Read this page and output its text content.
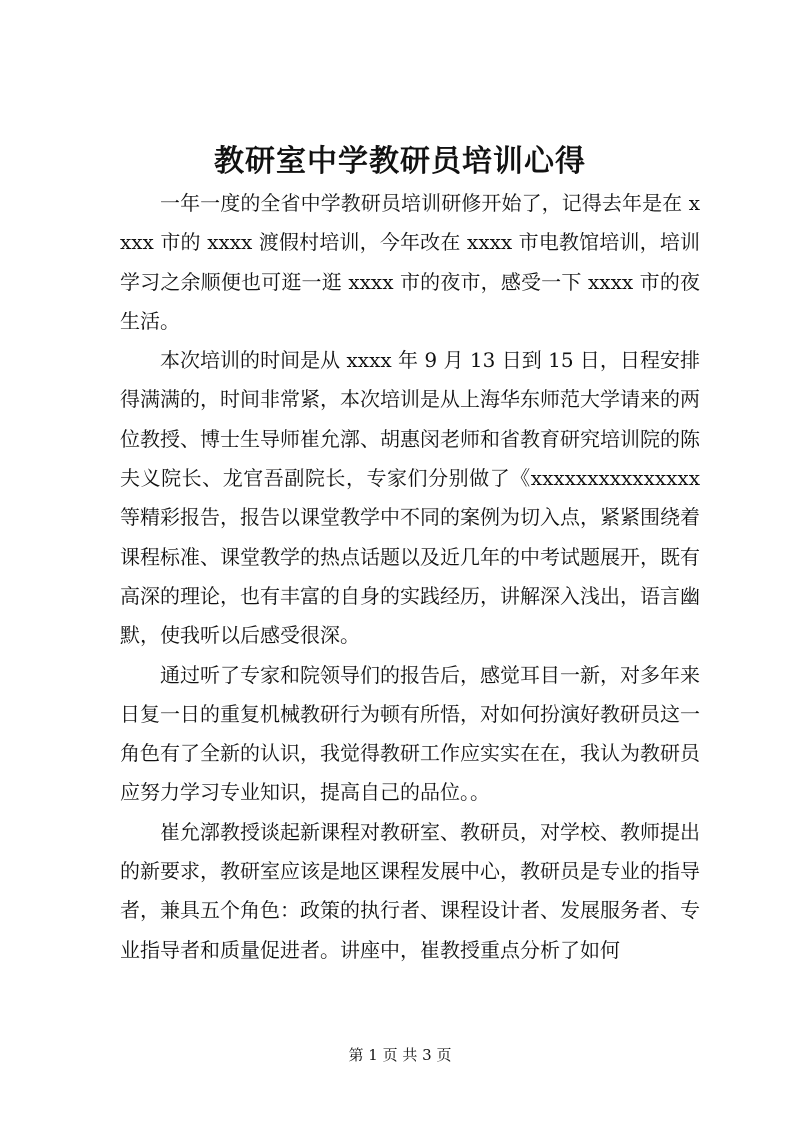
教研室中学教研员培训心得

一年一度的全省中学教研员培训研修开始了，记得去年是在 xxxx 市的 xxxx 渡假村培训，今年改在 xxxx 市电教馆培训，培训学习之余顺便也可逛一逛 xxxx 市的夜市，感受一下 xxxx 市的夜生活。

本次培训的时间是从 xxxx 年 9 月 13 日到 15 日，日程安排得满满的，时间非常紧，本次培训是从上海华东师范大学请来的两位教授、博士生导师崔允漷、胡惠闵老师和省教育研究培训院的陈夫义院长、龙官吾副院长，专家们分别做了《xxxxxxxxxxxxxxx 等精彩报告，报告以课堂教学中不同的案例为切入点，紧紧围绕着课程标准、课堂教学的热点话题以及近几年的中考试题展开，既有高深的理论，也有丰富的自身的实践经历，讲解深入浅出，语言幽默，使我听以后感受很深。

通过听了专家和院领导们的报告后，感觉耳目一新，对多年来日复一日的重复机械教研行为顿有所悟，对如何扮演好教研员这一角色有了全新的认识，我觉得教研工作应实实在在，我认为教研员应努力学习专业知识，提高自己的品位。。

崔允漷教授谈起新课程对教研室、教研员，对学校、教师提出的新要求，教研室应该是地区课程发展中心，教研员是专业的指导者，兼具五个角色：政策的执行者、课程设计者、发展服务者、专业指导者和质量促进者。讲座中，崔教授重点分析了如何

第 1 页 共 3 页
